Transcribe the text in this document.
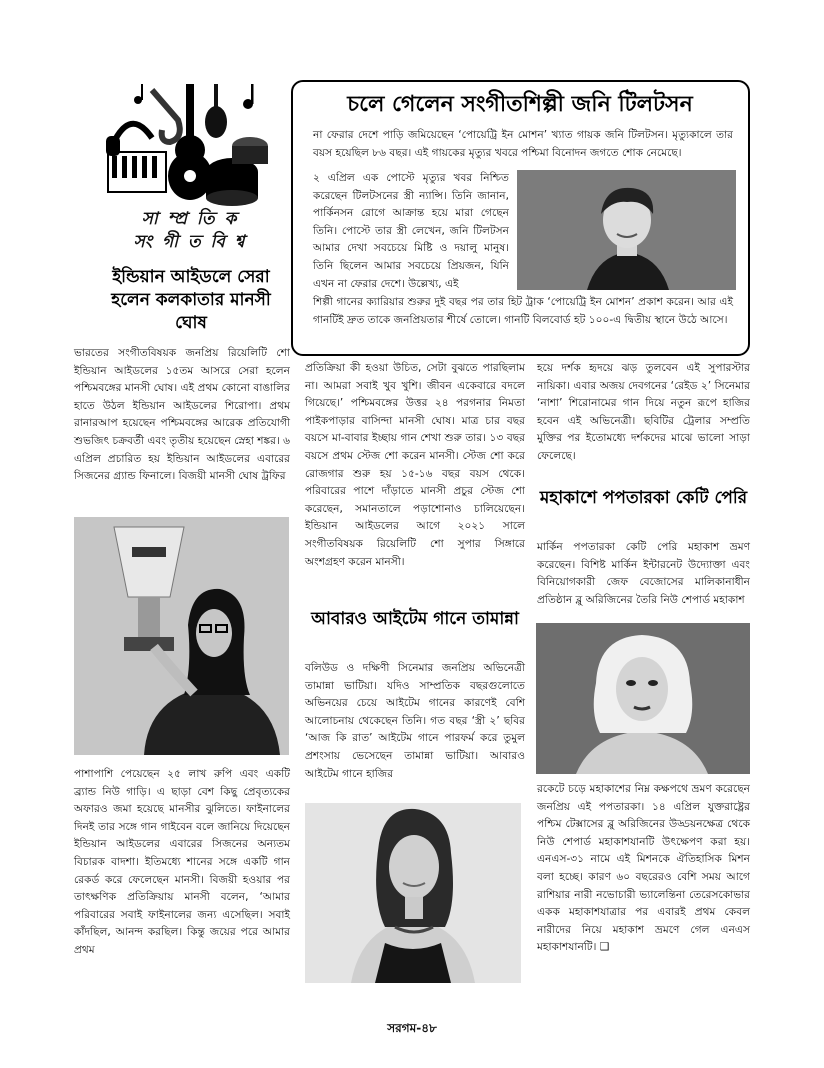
সা ম্প্র তি ক
সং গী ত বি শ্ব
চলে গেলেন সংগীতশিল্পী জনি টিলটসন

না ফেরার দেশে পাড়ি জমিয়েছেন ‘পোয়েট্রি ইন মোশন’ খ্যাত গায়ক জনি টিলটসন। মৃত্যুকালে তার বয়স হয়েছিল ৮৬ বছর। এই গায়কের মৃত্যুর খবরে পশ্চিমা বিনোদন জগতে শোক নেমেছে।

২ এপ্রিল এক পোস্টে মৃত্যুর খবর নিশ্চিত করেছেন টিলটসনের স্ত্রী ন্যান্সি। তিনি জানান, পার্কিনসন রোগে আক্রান্ত হয়ে মারা গেছেন তিনি। পোস্টে তার স্ত্রী লেখেন, জনি টিলটসন আমার দেখা সবচেয়ে মিষ্টি ও দয়ালু মানুষ। তিনি ছিলেন আমার সবচেয়ে প্রিয়জন, যিনি এখন না ফেরার দেশে। উল্লেখ্য, এই

শিল্পী গানের ক্যারিয়ার শুরুর দুই বছর পর তার হিট ট্রাক ‘পোয়েট্রি ইন মোশন’ প্রকাশ করেন। আর এই গানটিই দ্রুত তাকে জনপ্রিয়তার শীর্ষে তোলে। গানটি বিলবোর্ড হট ১০০-এ দ্বিতীয় স্থানে উঠে আসে।

ইন্ডিয়ান আইডলে সেরা হলেন কলকাতার মানসী ঘোষ

ভারতের সংগীতবিষয়ক জনপ্রিয় রিয়েলিটি শো ইন্ডিয়ান আইডলের ১৫তম আসরে সেরা হলেন পশ্চিমবঙ্গের মানসী ঘোষ। এই প্রথম কোনো বাঙালির হাতে উঠল ইন্ডিয়ান আইডলের শিরোপা। প্রথম রানারআপ হয়েছেন পশ্চিমবঙ্গের আরেক প্রতিযোগী শুভজিৎ চক্রবর্তী এবং তৃতীয় হয়েছেন স্নেহা শঙ্কর। ৬ এপ্রিল প্রচারিত হয় ইন্ডিয়ান আইডলের এবারের সিজনের গ্র্যান্ড ফিনালে। বিজয়ী মানসী ঘোষ ট্রফির

পাশাপাশি পেয়েছেন ২৫ লাখ রুপি এবং একটি ব্র্যান্ড নিউ গাড়ি। এ ছাড়া বেশ কিছু প্রেবৃত্যকের অফারও জমা হয়েছে মানসীর ঝুলিতে। ফাইনালের দিনই তার সঙ্গে গান গাইবেন বলে জানিয়ে দিয়েছেন ইন্ডিয়ান আইডলের এবারের সিজনের অন্যতম বিচারক বাদশা। ইতিমধ্যে শানের সঙ্গে একটি গান রেকর্ড করে ফেলেছেন মানসী। বিজয়ী হওয়ার পর তাৎক্ষণিক প্রতিক্রিয়ায় মানসী বলেন, ‘আমার পরিবারের সবাই ফাইনালের জন্য এসেছিল। সবাই কাঁদছিল, আনন্দ করছিল। কিন্তু জয়ের পরে আমার প্রথম

প্রতিক্রিয়া কী হওয়া উচিত, সেটা বুঝতে পারছিলাম না। আমরা সবাই খুব খুশি। জীবন একেবারে বদলে গিয়েছে।’ পশ্চিমবঙ্গের উত্তর ২৪ পরগনার নিমতা পাইকপাড়ার বাসিন্দা মানসী ঘোষ। মাত্র চার বছর বয়সে মা-বাবার ইচ্ছায় গান শেখা শুরু তার। ১৩ বছর বয়সে প্রথম স্টেজ শো করেন মানসী। স্টেজ শো করে রোজগার শুরু হয় ১৫-১৬ বছর বয়স থেকে। পরিবারের পাশে দাঁড়াতে মানসী প্রচুর স্টেজ শো করেছেন, সমানতালে পড়াশোনাও চালিয়েছেন। ইন্ডিয়ান আইডলের আগে ২০২১ সালে সংগীতবিষয়ক রিয়েলিটি শো সুপার সিঙ্গারে অংশগ্রহণ করেন মানসী।

আবারও আইটেম গানে তামান্না

বলিউড ও দক্ষিণী সিনেমার জনপ্রিয় অভিনেত্রী তামান্না ভাটিয়া। যদিও সাম্প্রতিক বছরগুলোতে অভিনয়ের চেয়ে আইটেম গানের কারণেই বেশি আলোচনায় থেকেছেন তিনি। গত বছর ‘স্ত্রী ২’ ছবির ‘আজ কি রাত’ আইটেম গানে পারফর্ম করে তুমুল প্রশংসায় ভেসেছেন তামান্না ভাটিয়া। আবারও আইটেম গানে হাজির

হয়ে দর্শক হৃদয়ে ঝড় তুলবেন এই সুপারস্টার নায়িকা। এবার অজয় দেবগনের ‘রেইড ২’ সিনেমার ‘নাশা’ শিরোনামের গান দিয়ে নতুন রূপে হাজির হবেন এই অভিনেত্রী। ছবিটির ট্রেলার সম্প্রতি মুক্তির পর ইতোমধ্যে দর্শকদের মাঝে ভালো সাড়া ফেলেছে।

মহাকাশে পপতারকা কেটি পেরি

মার্কিন পপতারকা কেটি পেরি মহাকাশ ভ্রমণ করেছেন। বিশিষ্ট মার্কিন ইন্টারনেট উদ্যোক্তা এবং বিনিয়োগকারী জেফ বেজোসের মালিকানাধীন প্রতিষ্ঠান ব্লু অরিজিনের তৈরি নিউ শেপার্ড মহাকাশ

রকেটে চড়ে মহাকাশের নিম্ন কক্ষপথে ভ্রমণ করেছেন জনপ্রিয় এই পপতারকা। ১৪ এপ্রিল যুক্তরাষ্ট্রের পশ্চিম টেক্সাসের ব্লু অরিজিনের উড্ডয়নক্ষেত্র থেকে নিউ শেপার্ড মহাকাশযানটি উৎক্ষেপণ করা হয়। এনএস-৩১ নামে এই মিশনকে ঐতিহাসিক মিশন বলা হচ্ছে। কারণ ৬০ বছরেরও বেশি সময় আগে রাশিয়ার নারী নভোচারী ভ্যালেন্তিনা তেরেসকোভার একক মহাকাশযাত্রার পর এবারই প্রথম কেবল নারীদের নিয়ে মহাকাশ ভ্রমণে গেল এনএস মহাকাশযানটি। ❑

সরগম-৪৮
